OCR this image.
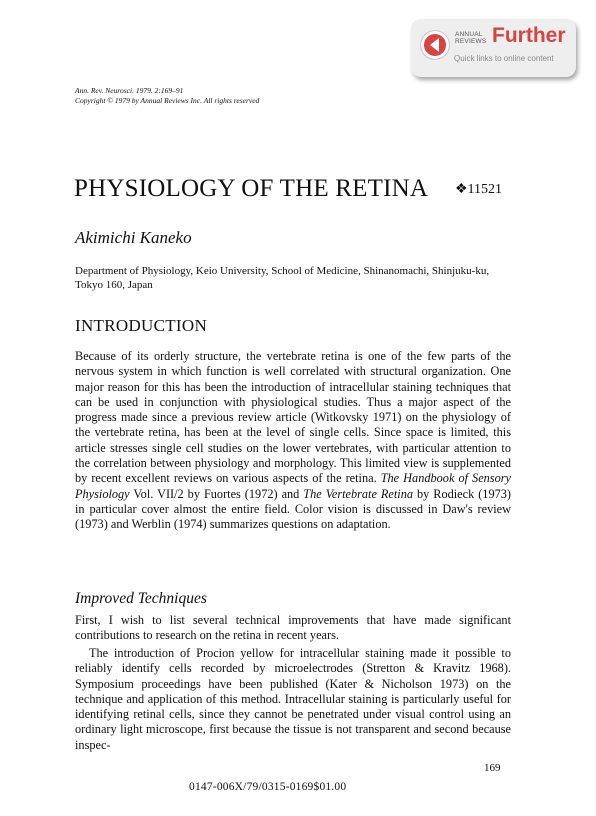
ANNUAL
REVIEWS Further
Quick links to online content
Ann. Rev. Neurosci. 1979. 2:169–91
Copyright © 1979 by Annual Reviews Inc. All rights reserved
PHYSIOLOGY OF THE RETINA ❖11521
Akimichi Kaneko
Department of Physiology, Keio University, School of Medicine, Shinanomachi, Shinjuku-ku, Tokyo 160, Japan
INTRODUCTION

Because of its orderly structure, the vertebrate retina is one of the few parts of the nervous system in which function is well correlated with structural organization. One major reason for this has been the introduction of intracellular staining techniques that can be used in conjunction with physiological studies. Thus a major aspect of the progress made since a previous review article (Witkovsky 1971) on the physiology of the vertebrate retina, has been at the level of single cells. Since space is limited, this article stresses single cell studies on the lower vertebrates, with particular attention to the correlation between physiology and morphology. This limited view is supplemented by recent excellent reviews on various aspects of the retina. The Handbook of Sensory Physiology Vol. VII/2 by Fuortes (1972) and The Vertebrate Retina by Rodieck (1973) in particular cover almost the entire field. Color vision is discussed in Daw's review (1973) and Werblin (1974) summarizes questions on adaptation.

Improved Techniques

First, I wish to list several technical improvements that have made significant contributions to research on the retina in recent years.

The introduction of Procion yellow for intracellular staining made it possible to reliably identify cells recorded by microelectrodes (Stretton & Kravitz 1968). Symposium proceedings have been published (Kater & Nicholson 1973) on the technique and application of this method. Intracellular staining is particularly useful for identifying retinal cells, since they cannot be penetrated under visual control using an ordinary light microscope, first because the tissue is not transparent and second because inspec-

169
0147-006X/79/0315-0169$01.00
